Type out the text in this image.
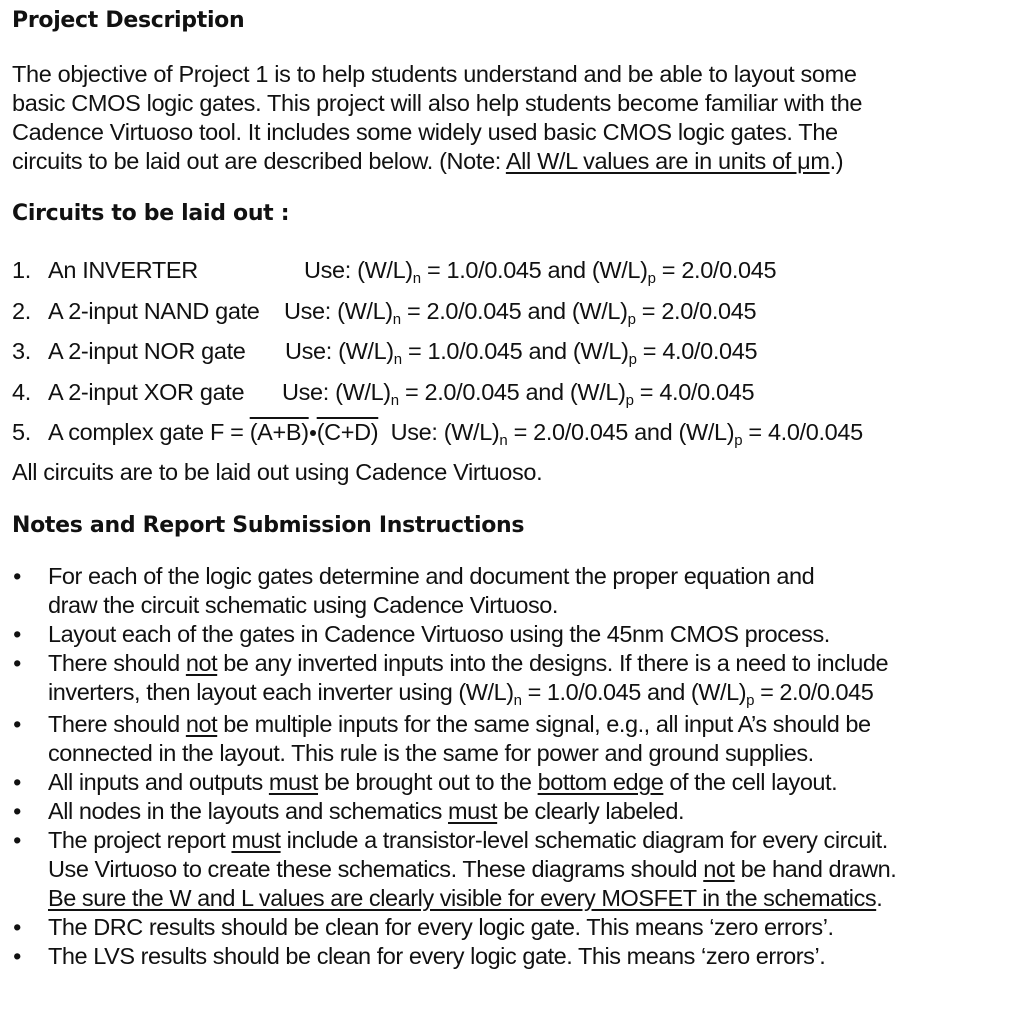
Project Description
The objective of Project 1 is to help students understand and be able to layout some
basic CMOS logic gates. This project will also help students become familiar with the
Cadence Virtuoso tool. It includes some widely used basic CMOS logic gates. The
circuits to be laid out are described below. (Note: All W/L values are in units of μm.)
Circuits to be laid out :
1. An INVERTER	Use: $(W/L)_n = 1.0/0.045$ and $(W/L)_p = 2.0/0.045$
2. A 2-input NAND gate Use: $(W/L)_n = 2.0/0.045$ and $(W/L)_p = 2.0/0.045$
3. A 2-input NOR gate Use: $(W/L)_n = 1.0/0.045$ and $(W/L)_p = 4.0/0.045$
4. A 2-input XOR gate Use: $(W/L)_n = 2.0/0.045$ and $(W/L)_p = 4.0/0.045$
5. A complex gate F = (A+B) (C+D) Use: $(W/L)_n = 2.0/0.045$ and $(W/L)_p = 4.0/0.045$
All circuits are to be laid out using Cadence Virtuoso.
Notes and Report Submission Instructions
• For each of the logic gates determine and document the proper equation and
draw the circuit schematic using Cadence Virtuoso.
• Layout each of the gates in Cadence Virtuoso using the 45nm CMOS process.
• There should not be any inverted inputs into the designs. If there is a need to include
inverters, then layout each inverter using $(W/L)_n = 1.0/0.045$ and $(W/L)_p = 2.0/0.045$
• There should not be multiple inputs for the same signal, e.g., all input A’s should be
connected in the layout. This rule is the same for power and ground supplies.
• All inputs and outputs must be brought out to the bottom edge of the cell layout.
• All nodes in the layouts and schematics must be clearly labeled.
• The project report must include a transistor-level schematic diagram for every circuit.
Use Virtuoso to create these schematics. These diagrams should not be hand drawn.
Be sure the W and L values are clearly visible for every MOSFET in the schematics.
• The DRC results should be clean for every logic gate. This means ‘zero errors’.
• The LVS results should be clean for every logic gate. This means ‘zero errors’.
